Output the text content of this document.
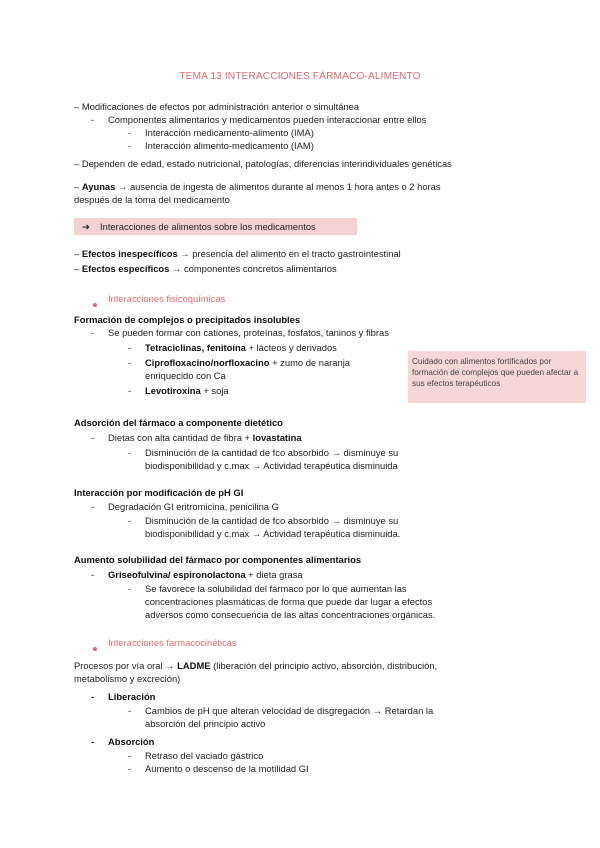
TEMA 13 INTERACCIONES FÁRMACO-ALIMENTO
– Modificaciones de efectos por administración anterior o simultánea
- Componentes alimentarios y medicamentos pueden interaccionar entre ellos
- Interacción medicamento-alimento (IMA)
- Interacción alimento-medicamento (IAM)
– Dependen de edad, estado nutricional, patologías, diferencias interindividuales genéticas
– Ayunas → ausencia de ingesta de alimentos durante al menos 1 hora antes o 2 horas
después de la toma del medicamento
➔ Interacciones de alimentos sobre los medicamentos
– Efectos inespecíficos → presencia del alimento en el tracto gastrointestinal
– Efectos específicos → componentes concretos alimentarios
Interacciones fisicoquímicas
Formación de complejos o precipitados insolubles
- Se pueden formar con cationes, proteínas, fosfatos, taninos y fibras
- Tetraciclinas, fenitoína + lácteos y derivados
- Ciprofloxacino/norfloxacino + zumo de naranja
enriquecido con Ca
- Levotiroxina + soja
Cuidado con alimentos fortificados por formación de complejos que pueden afectar a sus efectos terapéuticos
Adsorción del fármaco a componente dietético
- Dietas con alta cantidad de fibra + lovastatina
- Disminución de la cantidad de fco absorbido → disminuye su
biodisponibilidad y c.max → Actividad terapéutica disminuida
Interacción por modificación de pH GI
- Degradación GI eritromicina, penicilina G
- Disminución de la cantidad de fco absorbido → disminuye su
biodisponibilidad y c.max → Actividad terapéutica disminuida.
Aumento solubilidad del fármaco por componentes alimentarios
- Griseofulvina/ espironolactona + dieta grasa
- Se favorece la solubilidad del fármaco por lo que aumentan las
concentraciones plasmáticas de forma que puede dar lugar a efectos
adversos como consecuencia de las altas concentraciones orgánicas.
Interacciones farmacocinéticas
Procesos por vía oral → LADME (liberación del principio activo, absorción, distribución,
metabolismo y excreción)
- Liberación
- Cambios de pH que alteran velocidad de disgregación → Retardan la
absorción del principio activo
- Absorción
- Retraso del vaciado gástrico
- Aumento o descenso de la motilidad GI
